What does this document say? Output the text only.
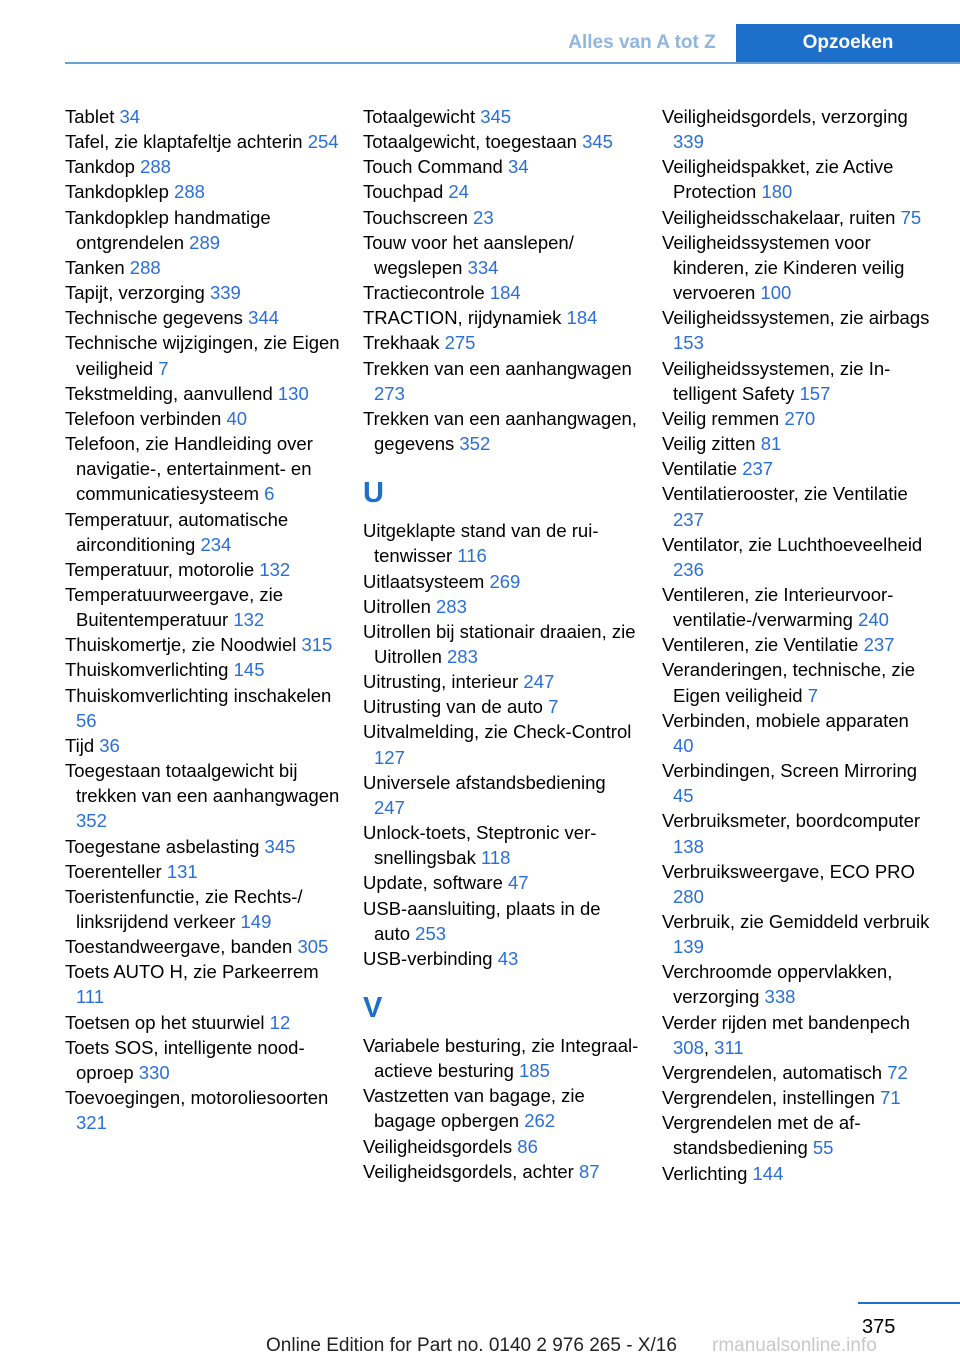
Alles van A tot Z	Opzoeken
Tablet 34
Tafel, zie klaptafeltje achterin 254
Tankdop 288
Tankdopklep 288
Tankdopklep handmatige ontgrendelen 289
Tanken 288
Tapijt, verzorging 339
Technische gegevens 344
Technische wijzigingen, zie Eigen veiligheid 7
Tekstmelding, aanvullend 130
Telefoon verbinden 40
Telefoon, zie Handleiding over navigatie-, entertainment- en communicatiesysteem 6
Temperatuur, automatische airconditioning 234
Temperatuur, motorolie 132
Temperatuurweergave, zie Buitentemperatuur 132
Thuiskomertje, zie Noodwiel 315
Thuiskomverlichting 145
Thuiskomverlichting inschakelen 56
Tijd 36
Toegestaan totaalgewicht bij trekken van een aanhangwagen 352
Toegestane asbelasting 345
Toerenteller 131
Toeristenfunctie, zie Rechts-/ linksrijdend verkeer 149
Toestandweergave, banden 305
Toets AUTO H, zie Parkeerrem 111
Toetsen op het stuurwiel 12
Toets SOS, intelligente noodoproep 330
Toevoegingen, motoroliesoorten 321
Totaalgewicht 345
Totaalgewicht, toegestaan 345
Touch Command 34
Touchpad 24
Touchscreen 23
Touw voor het aanslepen/ wegslepen 334
Tractiecontrole 184
TRACTION, rijdynamiek 184
Trekhaak 275
Trekken van een aanhangwagen 273
Trekken van een aanhangwagen, gegevens 352
U
Uitgeklapte stand van de ruitenwisser 116
Uitlaatsysteem 269
Uitrollen 283
Uitrollen bij stationair draaien, zie Uitrollen 283
Uitrusting, interieur 247
Uitrusting van de auto 7
Uitvalmelding, zie Check-Control 127
Universele afstandsbediening 247
Unlock-toets, Steptronic versnellingsbak 118
Update, software 47
USB-aansluiting, plaats in de auto 253
USB-verbinding 43
V
Variabele besturing, zie Integraal-actieve besturing 185
Vastzetten van bagage, zie bagage opbergen 262
Veiligheidsgordels 86
Veiligheidsgordels, achter 87
Veiligheidsgordels, verzorging 339
Veiligheidspakket, zie Active Protection 180
Veiligheidsschakelaar, ruiten 75
Veiligheidssystemen voor kinderen, zie Kinderen veilig vervoeren 100
Veiligheidssystemen, zie airbags 153
Veiligheidssystemen, zie Intelligent Safety 157
Veilig remmen 270
Veilig zitten 81
Ventilatie 237
Ventilatierooster, zie Ventilatie 237
Ventilator, zie Luchthoeveelheid 236
Ventileren, zie Interieurvoorventilatie-/verwarming 240
Ventileren, zie Ventilatie 237
Veranderingen, technische, zie Eigen veiligheid 7
Verbinden, mobiele apparaten 40
Verbindingen, Screen Mirroring 45
Verbruiksmeter, boordcomputer 138
Verbruiksweergave, ECO PRO 280
Verbruik, zie Gemiddeld verbruik 139
Verchroomde oppervlakken, verzorging 338
Verder rijden met bandenpech 308, 311
Vergrendelen, automatisch 72
Vergrendelen, instellingen 71
Vergrendelen met de afstandsbediening 55
Verlichting 144
375
Online Edition for Part no. 0140 2 976 265 - X/16 rmanualsonline.info
